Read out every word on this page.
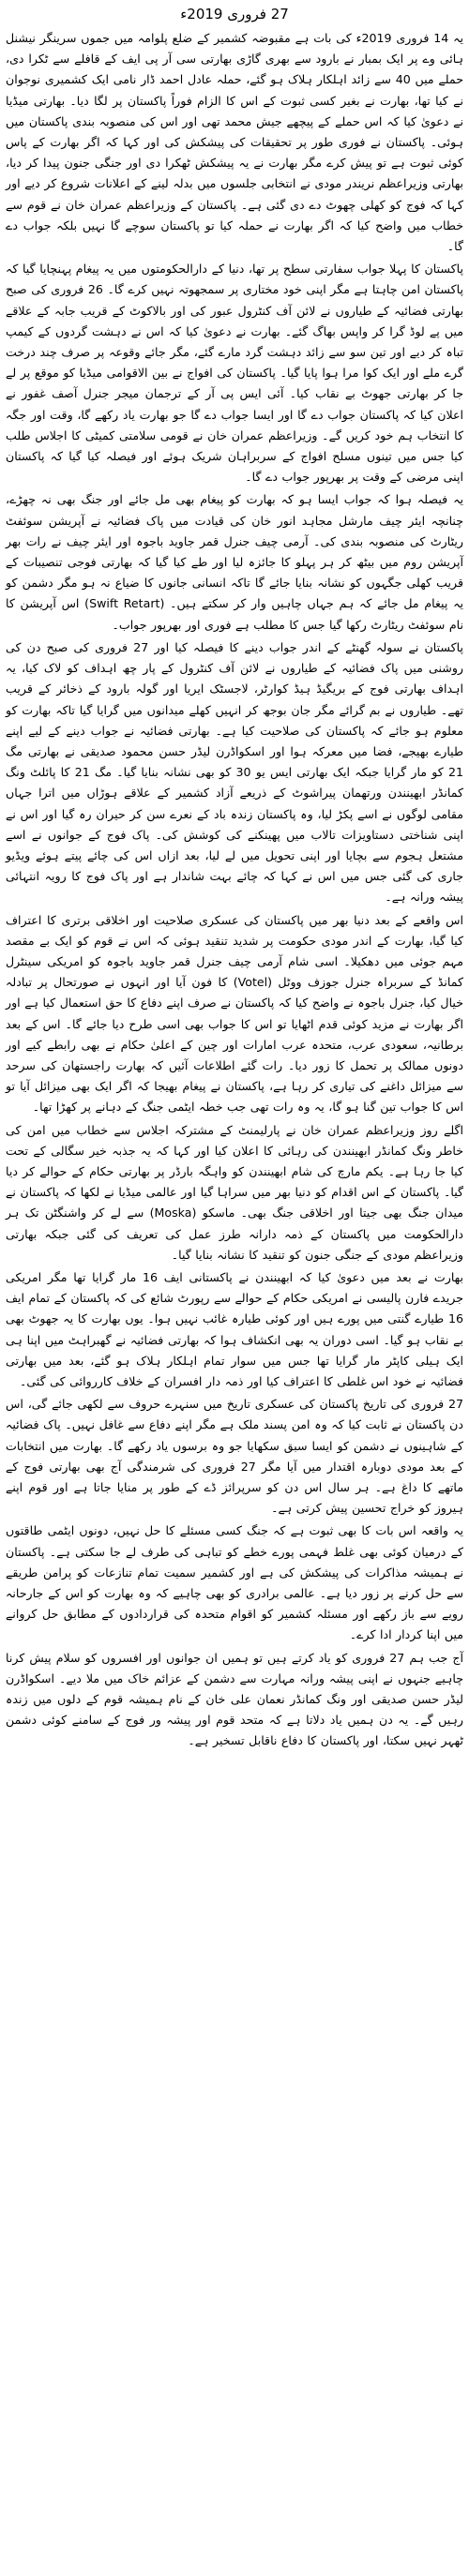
27 فروری 2019ء

یہ 14 فروری 2019ء کی بات ہے مقبوضہ کشمیر کے ضلع پلوامہ میں جموں سرینگر نیشنل ہائی وے پر ایک بمبار نے بارود سے بھری گاڑی بھارتی سی آر پی ایف کے قافلے سے ٹکرا دی، حملے میں 40 سے زائد اہلکار ہلاک ہو گئے، حملہ عادل احمد ڈار نامی ایک کشمیری نوجوان نے کیا تھا، بھارت نے بغیر کسی ثبوت کے اس کا الزام فوراً پاکستان پر لگا دیا۔ بھارتی میڈیا نے دعویٰ کیا کہ اس حملے کے پیچھے جیش محمد تھی اور اس کی منصوبہ بندی پاکستان میں ہوئی۔ پاکستان نے فوری طور پر تحقیقات کی پیشکش کی اور کہا کہ اگر بھارت کے پاس کوئی ثبوت ہے تو پیش کرے مگر بھارت نے یہ پیشکش ٹھکرا دی اور جنگی جنون پیدا کر دیا، بھارتی وزیراعظم نریندر مودی نے انتخابی جلسوں میں بدلہ لینے کے اعلانات شروع کر دیے اور کہا کہ فوج کو کھلی چھوٹ دے دی گئی ہے۔ پاکستان کے وزیراعظم عمران خان نے قوم سے خطاب میں واضح کیا کہ اگر بھارت نے حملہ کیا تو پاکستان سوچے گا نہیں بلکہ جواب دے گا۔

پاکستان کا پہلا جواب سفارتی سطح پر تھا، دنیا کے دارالحکومتوں میں یہ پیغام پہنچایا گیا کہ پاکستان امن چاہتا ہے مگر اپنی خود مختاری پر سمجھوتہ نہیں کرے گا۔ 26 فروری کی صبح بھارتی فضائیہ کے طیاروں نے لائن آف کنٹرول عبور کی اور بالاکوٹ کے قریب جابہ کے علاقے میں پے لوڈ گرا کر واپس بھاگ گئے۔ بھارت نے دعویٰ کیا کہ اس نے دہشت گردوں کے کیمپ تباہ کر دیے اور تین سو سے زائد دہشت گرد مارے گئے، مگر جائے وقوعہ پر صرف چند درخت گرے ملے اور ایک کوا مرا ہوا پایا گیا۔ پاکستان کی افواج نے بین الاقوامی میڈیا کو موقع پر لے جا کر بھارتی جھوٹ بے نقاب کیا۔ آئی ایس پی آر کے ترجمان میجر جنرل آصف غفور نے اعلان کیا کہ پاکستان جواب دے گا اور ایسا جواب دے گا جو بھارت یاد رکھے گا، وقت اور جگہ کا انتخاب ہم خود کریں گے۔ وزیراعظم عمران خان نے قومی سلامتی کمیٹی کا اجلاس طلب کیا جس میں تینوں مسلح افواج کے سربراہان شریک ہوئے اور فیصلہ کیا گیا کہ پاکستان اپنی مرضی کے وقت پر بھرپور جواب دے گا۔

یہ فیصلہ ہوا کہ جواب ایسا ہو کہ بھارت کو پیغام بھی مل جائے اور جنگ بھی نہ چھڑے، چنانچہ ایئر چیف مارشل مجاہد انور خان کی قیادت میں پاک فضائیہ نے آپریشن سوئفٹ ریٹارٹ کی منصوبہ بندی کی۔ آرمی چیف جنرل قمر جاوید باجوہ اور ایئر چیف نے رات بھر آپریشن روم میں بیٹھ کر ہر پہلو کا جائزہ لیا اور طے کیا گیا کہ بھارتی فوجی تنصیبات کے قریب کھلی جگہوں کو نشانہ بنایا جائے گا تاکہ انسانی جانوں کا ضیاع نہ ہو مگر دشمن کو یہ پیغام مل جائے کہ ہم جہاں چاہیں وار کر سکتے ہیں۔ (Swift Retart) اس آپریشن کا نام سوئفٹ ریٹارٹ رکھا گیا جس کا مطلب ہے فوری اور بھرپور جواب۔

پاکستان نے سولہ گھنٹے کے اندر جواب دینے کا فیصلہ کیا اور 27 فروری کی صبح دن کی روشنی میں پاک فضائیہ کے طیاروں نے لائن آف کنٹرول کے پار چھ اہداف کو لاک کیا، یہ اہداف بھارتی فوج کے بریگیڈ ہیڈ کوارٹر، لاجسٹک ایریا اور گولہ بارود کے ذخائر کے قریب تھے۔ طیاروں نے بم گرائے مگر جان بوجھ کر انہیں کھلے میدانوں میں گرایا گیا تاکہ بھارت کو معلوم ہو جائے کہ پاکستان کی صلاحیت کیا ہے۔ بھارتی فضائیہ نے جواب دینے کے لیے اپنے طیارے بھیجے، فضا میں معرکہ ہوا اور اسکواڈرن لیڈر حسن محمود صدیقی نے بھارتی مگ 21 کو مار گرایا جبکہ ایک بھارتی ایس یو 30 کو بھی نشانہ بنایا گیا۔ مگ 21 کا پائلٹ ونگ کمانڈر ابھینندن ورتھمان پیراشوٹ کے ذریعے آزاد کشمیر کے علاقے ہوڑاں میں اترا جہاں مقامی لوگوں نے اسے پکڑ لیا، وہ پاکستان زندہ باد کے نعرے سن کر حیران رہ گیا اور اس نے اپنی شناختی دستاویزات تالاب میں پھینکنے کی کوشش کی۔ پاک فوج کے جوانوں نے اسے مشتعل ہجوم سے بچایا اور اپنی تحویل میں لے لیا، بعد ازاں اس کی چائے پیتے ہوئے ویڈیو جاری کی گئی جس میں اس نے کہا کہ چائے بہت شاندار ہے اور پاک فوج کا رویہ انتہائی پیشہ ورانہ ہے۔

اس واقعے کے بعد دنیا بھر میں پاکستان کی عسکری صلاحیت اور اخلاقی برتری کا اعتراف کیا گیا، بھارت کے اندر مودی حکومت پر شدید تنقید ہوئی کہ اس نے قوم کو ایک بے مقصد مہم جوئی میں دھکیلا۔ اسی شام آرمی چیف جنرل قمر جاوید باجوہ کو امریکی سینٹرل کمانڈ کے سربراہ جنرل جوزف ووٹل (Votel) کا فون آیا اور انہوں نے صورتحال پر تبادلہ خیال کیا، جنرل باجوہ نے واضح کیا کہ پاکستان نے صرف اپنے دفاع کا حق استعمال کیا ہے اور اگر بھارت نے مزید کوئی قدم اٹھایا تو اس کا جواب بھی اسی طرح دیا جائے گا۔ اس کے بعد برطانیہ، سعودی عرب، متحدہ عرب امارات اور چین کے اعلیٰ حکام نے بھی رابطے کیے اور دونوں ممالک پر تحمل کا زور دیا۔ رات گئے اطلاعات آئیں کہ بھارت راجستھان کی سرحد سے میزائل داغنے کی تیاری کر رہا ہے، پاکستان نے پیغام بھیجا کہ اگر ایک بھی میزائل آیا تو اس کا جواب تین گنا ہو گا، یہ وہ رات تھی جب خطہ ایٹمی جنگ کے دہانے پر کھڑا تھا۔

اگلے روز وزیراعظم عمران خان نے پارلیمنٹ کے مشترکہ اجلاس سے خطاب میں امن کی خاطر ونگ کمانڈر ابھینندن کی رہائی کا اعلان کیا اور کہا کہ یہ جذبہ خیر سگالی کے تحت کیا جا رہا ہے۔ یکم مارچ کی شام ابھینندن کو واہگہ بارڈر پر بھارتی حکام کے حوالے کر دیا گیا۔ پاکستان کے اس اقدام کو دنیا بھر میں سراہا گیا اور عالمی میڈیا نے لکھا کہ پاکستان نے میدان جنگ بھی جیتا اور اخلاقی جنگ بھی۔ ماسکو (Moska) سے لے کر واشنگٹن تک ہر دارالحکومت میں پاکستان کے ذمہ دارانہ طرز عمل کی تعریف کی گئی جبکہ بھارتی وزیراعظم مودی کے جنگی جنون کو تنقید کا نشانہ بنایا گیا۔

بھارت نے بعد میں دعویٰ کیا کہ ابھینندن نے پاکستانی ایف 16 مار گرایا تھا مگر امریکی جریدے فارن پالیسی نے امریکی حکام کے حوالے سے رپورٹ شائع کی کہ پاکستان کے تمام ایف 16 طیارے گنتی میں پورے ہیں اور کوئی طیارہ غائب نہیں ہوا۔ یوں بھارت کا یہ جھوٹ بھی بے نقاب ہو گیا۔ اسی دوران یہ بھی انکشاف ہوا کہ بھارتی فضائیہ نے گھبراہٹ میں اپنا ہی ایک ہیلی کاپٹر مار گرایا تھا جس میں سوار تمام اہلکار ہلاک ہو گئے، بعد میں بھارتی فضائیہ نے خود اس غلطی کا اعتراف کیا اور ذمہ دار افسران کے خلاف کارروائی کی گئی۔

27 فروری کی تاریخ پاکستان کی عسکری تاریخ میں سنہرے حروف سے لکھی جائے گی، اس دن پاکستان نے ثابت کیا کہ وہ امن پسند ملک ہے مگر اپنے دفاع سے غافل نہیں۔ پاک فضائیہ کے شاہینوں نے دشمن کو ایسا سبق سکھایا جو وہ برسوں یاد رکھے گا۔ بھارت میں انتخابات کے بعد مودی دوبارہ اقتدار میں آیا مگر 27 فروری کی شرمندگی آج بھی بھارتی فوج کے ماتھے کا داغ ہے۔ ہر سال اس دن کو سرپرائز ڈے کے طور پر منایا جاتا ہے اور قوم اپنے ہیروز کو خراج تحسین پیش کرتی ہے۔

یہ واقعہ اس بات کا بھی ثبوت ہے کہ جنگ کسی مسئلے کا حل نہیں، دونوں ایٹمی طاقتوں کے درمیان کوئی بھی غلط فہمی پورے خطے کو تباہی کی طرف لے جا سکتی ہے۔ پاکستان نے ہمیشہ مذاکرات کی پیشکش کی ہے اور کشمیر سمیت تمام تنازعات کو پرامن طریقے سے حل کرنے پر زور دیا ہے۔ عالمی برادری کو بھی چاہیے کہ وہ بھارت کو اس کے جارحانہ رویے سے باز رکھے اور مسئلہ کشمیر کو اقوام متحدہ کی قراردادوں کے مطابق حل کروانے میں اپنا کردار ادا کرے۔

آج جب ہم 27 فروری کو یاد کرتے ہیں تو ہمیں ان جوانوں اور افسروں کو سلام پیش کرنا چاہیے جنہوں نے اپنی پیشہ ورانہ مہارت سے دشمن کے عزائم خاک میں ملا دیے۔ اسکواڈرن لیڈر حسن صدیقی اور ونگ کمانڈر نعمان علی خان کے نام ہمیشہ قوم کے دلوں میں زندہ رہیں گے۔ یہ دن ہمیں یاد دلاتا ہے کہ متحد قوم اور پیشہ ور فوج کے سامنے کوئی دشمن ٹھہر نہیں سکتا، اور پاکستان کا دفاع ناقابل تسخیر ہے۔
